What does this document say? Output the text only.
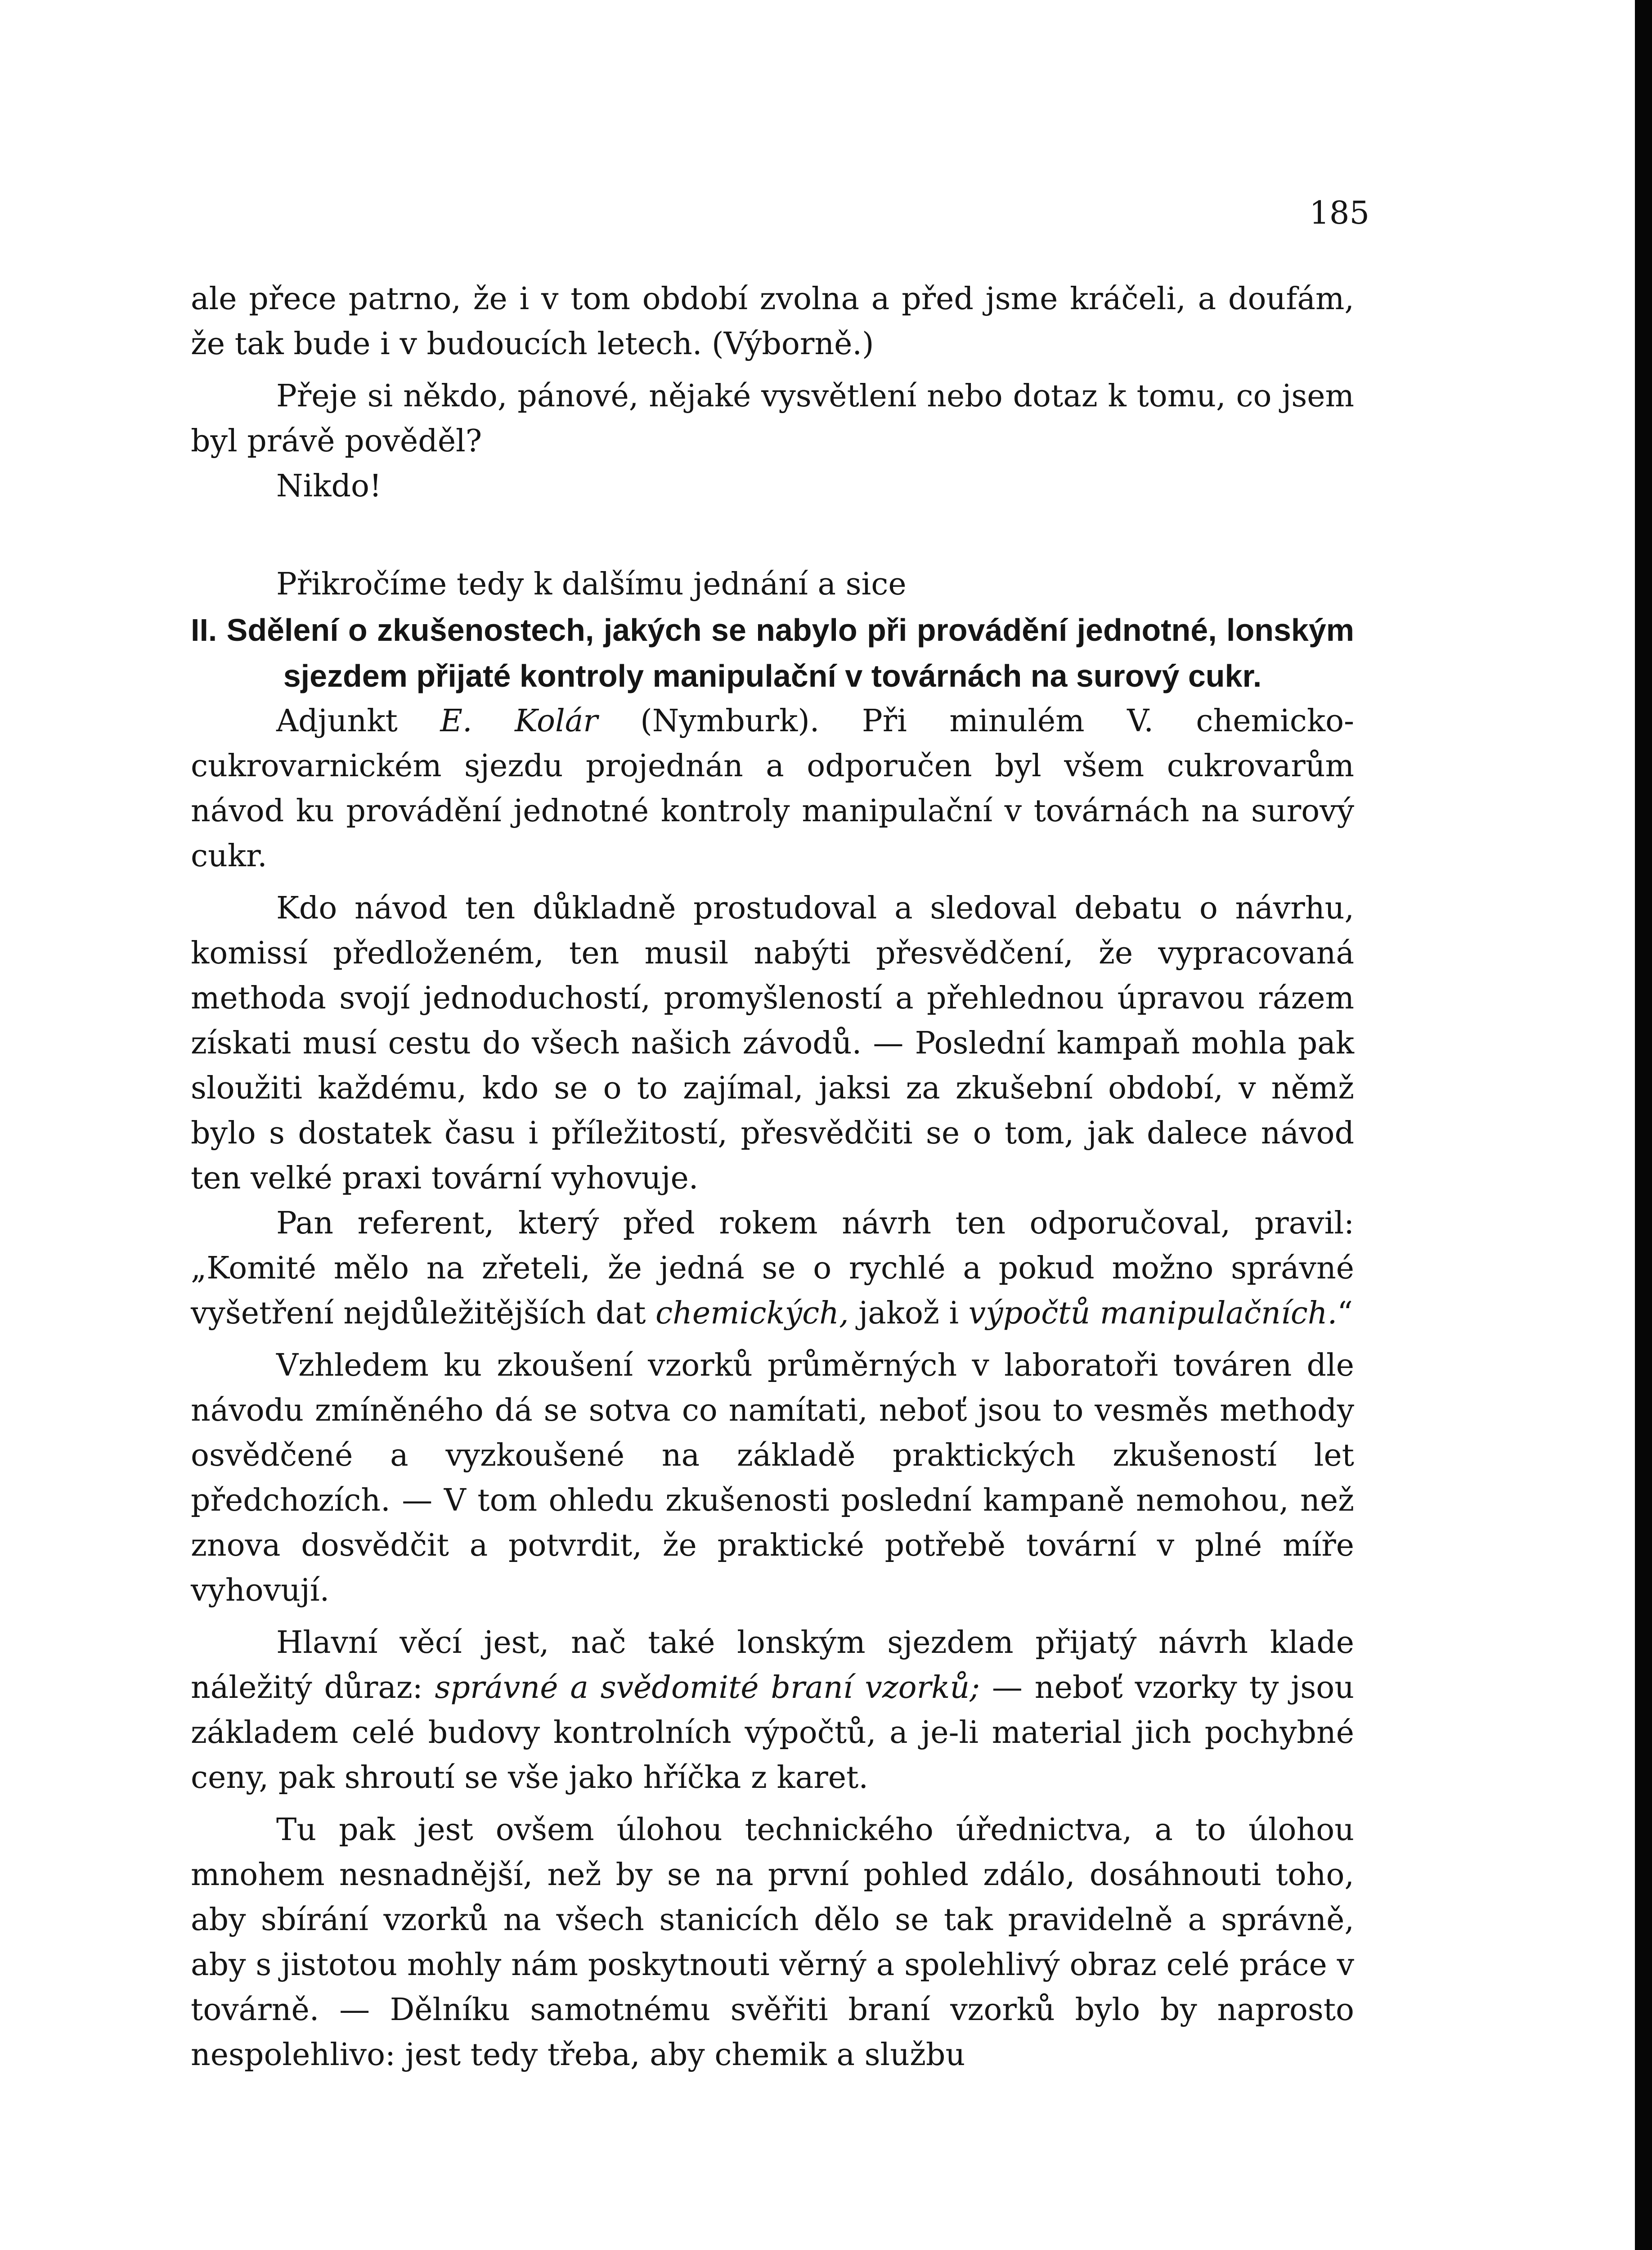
185

ale přece patrno, že i v tom období zvolna a před jsme kráčeli, a doufám, že tak bude i v budoucích letech. (Výborně.)

Přeje si někdo, pánové, nějaké vysvětlení nebo dotaz k tomu, co jsem byl právě pověděl?

Nikdo!

Přikročíme tedy k dalšímu jednání a sice

II. Sdělení o zkušenostech, jakých se nabylo při provádění jednotné, lonským sjezdem přijaté kontroly manipulační v továrnách na surový cukr.

Adjunkt E. Kolár (Nymburk). Při minulém V. chemicko-cukrovarnickém sjezdu projednán a odporučen byl všem cukrovarům návod ku provádění jednotné kontroly manipulační v továrnách na surový cukr.

Kdo návod ten důkladně prostudoval a sledoval debatu o návrhu, komissí předloženém, ten musil nabýti přesvědčení, že vypracovaná methoda svojí jednoduchostí, promyšleností a přehlednou úpravou rázem získati musí cestu do všech našich závodů. — Poslední kampaň mohla pak sloužiti každému, kdo se o to zajímal, jaksi za zkušební období, v němž bylo s dostatek času i příležitostí, přesvědčiti se o tom, jak dalece návod ten velké praxi tovární vyhovuje.

Pan referent, který před rokem návrh ten odporučoval, pravil: „Komité mělo na zřeteli, že jedná se o rychlé a pokud možno správné vyšetření nejdůležitějších dat chemických, jakož i výpočtů manipulačních.“

Vzhledem ku zkoušení vzorků průměrných v laboratoři továren dle návodu zmíněného dá se sotva co namítati, neboť jsou to vesměs methody osvědčené a vyzkoušené na základě praktických zkušeností let předchozích. — V tom ohledu zkušenosti poslední kampaně nemohou, než znova dosvědčit a potvrdit, že praktické potřebě tovární v plné míře vyhovují.

Hlavní věcí jest, nač také lonským sjezdem přijatý návrh klade náležitý důraz: správné a svědomité braní vzorků; — neboť vzorky ty jsou základem celé budovy kontrolních výpočtů, a je-li material jich pochybné ceny, pak shroutí se vše jako hříčka z karet.

Tu pak jest ovšem úlohou technického úřednictva, a to úlohou mnohem nesnadnější, než by se na první pohled zdálo, dosáhnouti toho, aby sbírání vzorků na všech stanicích dělo se tak pravidelně a správně, aby s jistotou mohly nám poskytnouti věrný a spolehlivý obraz celé práce v továrně. — Dělníku samotnému svěřiti braní vzorků bylo by naprosto nespolehlivo: jest tedy třeba, aby chemik a službu
